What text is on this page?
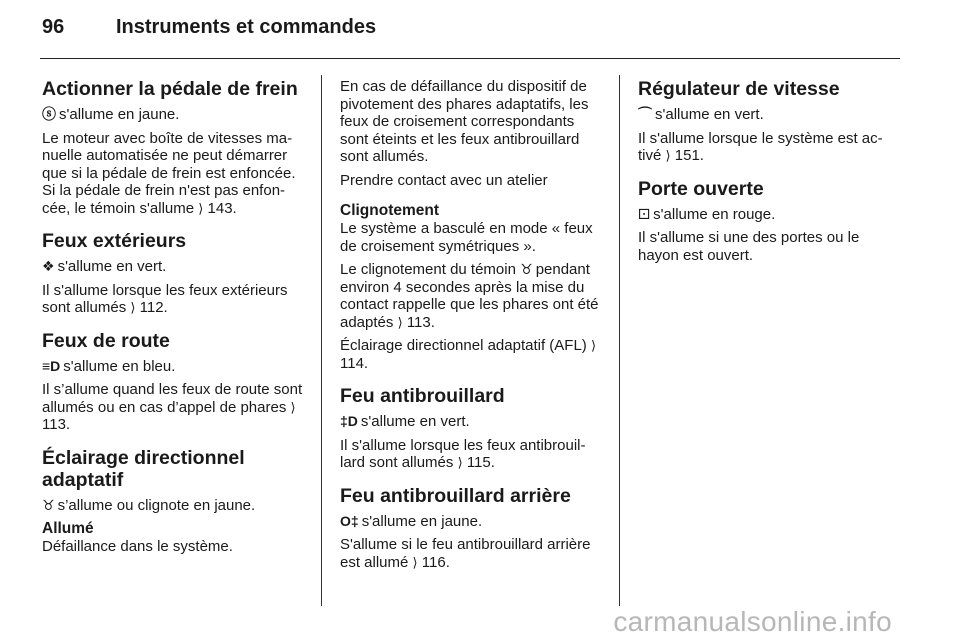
96	Instruments et commandes
Actionner la pédale de frein

ⓢ s'allume en jaune.

Le moteur avec boîte de vitesses ma-nuelle automatisée ne peut démarrer que si la pédale de frein est enfoncée. Si la pédale de frein n'est pas enfon-cée, le témoin s'allume ⟩ 143.

Feux extérieurs

❖ s'allume en vert.

Il s'allume lorsque les feux extérieurs sont allumés ⟩ 112.

Feux de route

≡D s'allume en bleu.

Il s’allume quand les feux de route sont allumés ou en cas d’appel de phares ⟩ 113.

Éclairage directionnel adaptatif

♉ s’allume ou clignote en jaune.

Allumé

Défaillance dans le système.

En cas de défaillance du dispositif de pivotement des phares adaptatifs, les feux de croisement correspondants sont éteints et les feux antibrouillard sont allumés.

Prendre contact avec un atelier

Clignotement

Le système a basculé en mode « feux de croisement symétriques ».

Le clignotement du témoin ♉ pendant environ 4 secondes après la mise du contact rappelle que les phares ont été adaptés ⟩ 113.

Éclairage directionnel adaptatif (AFL) ⟩ 114.

Feu antibrouillard

‡D s'allume en vert.

Il s'allume lorsque les feux antibrouil-lard sont allumés ⟩ 115.

Feu antibrouillard arrière

O‡ s'allume en jaune.

S'allume si le feu antibrouillard arrière est allumé ⟩ 116.

Régulateur de vitesse

⌒ s'allume en vert.

Il s'allume lorsque le système est ac-tivé ⟩ 151.

Porte ouverte

⚀ s'allume en rouge.

Il s'allume si une des portes ou le hayon est ouvert.

carmanualsonline.info
